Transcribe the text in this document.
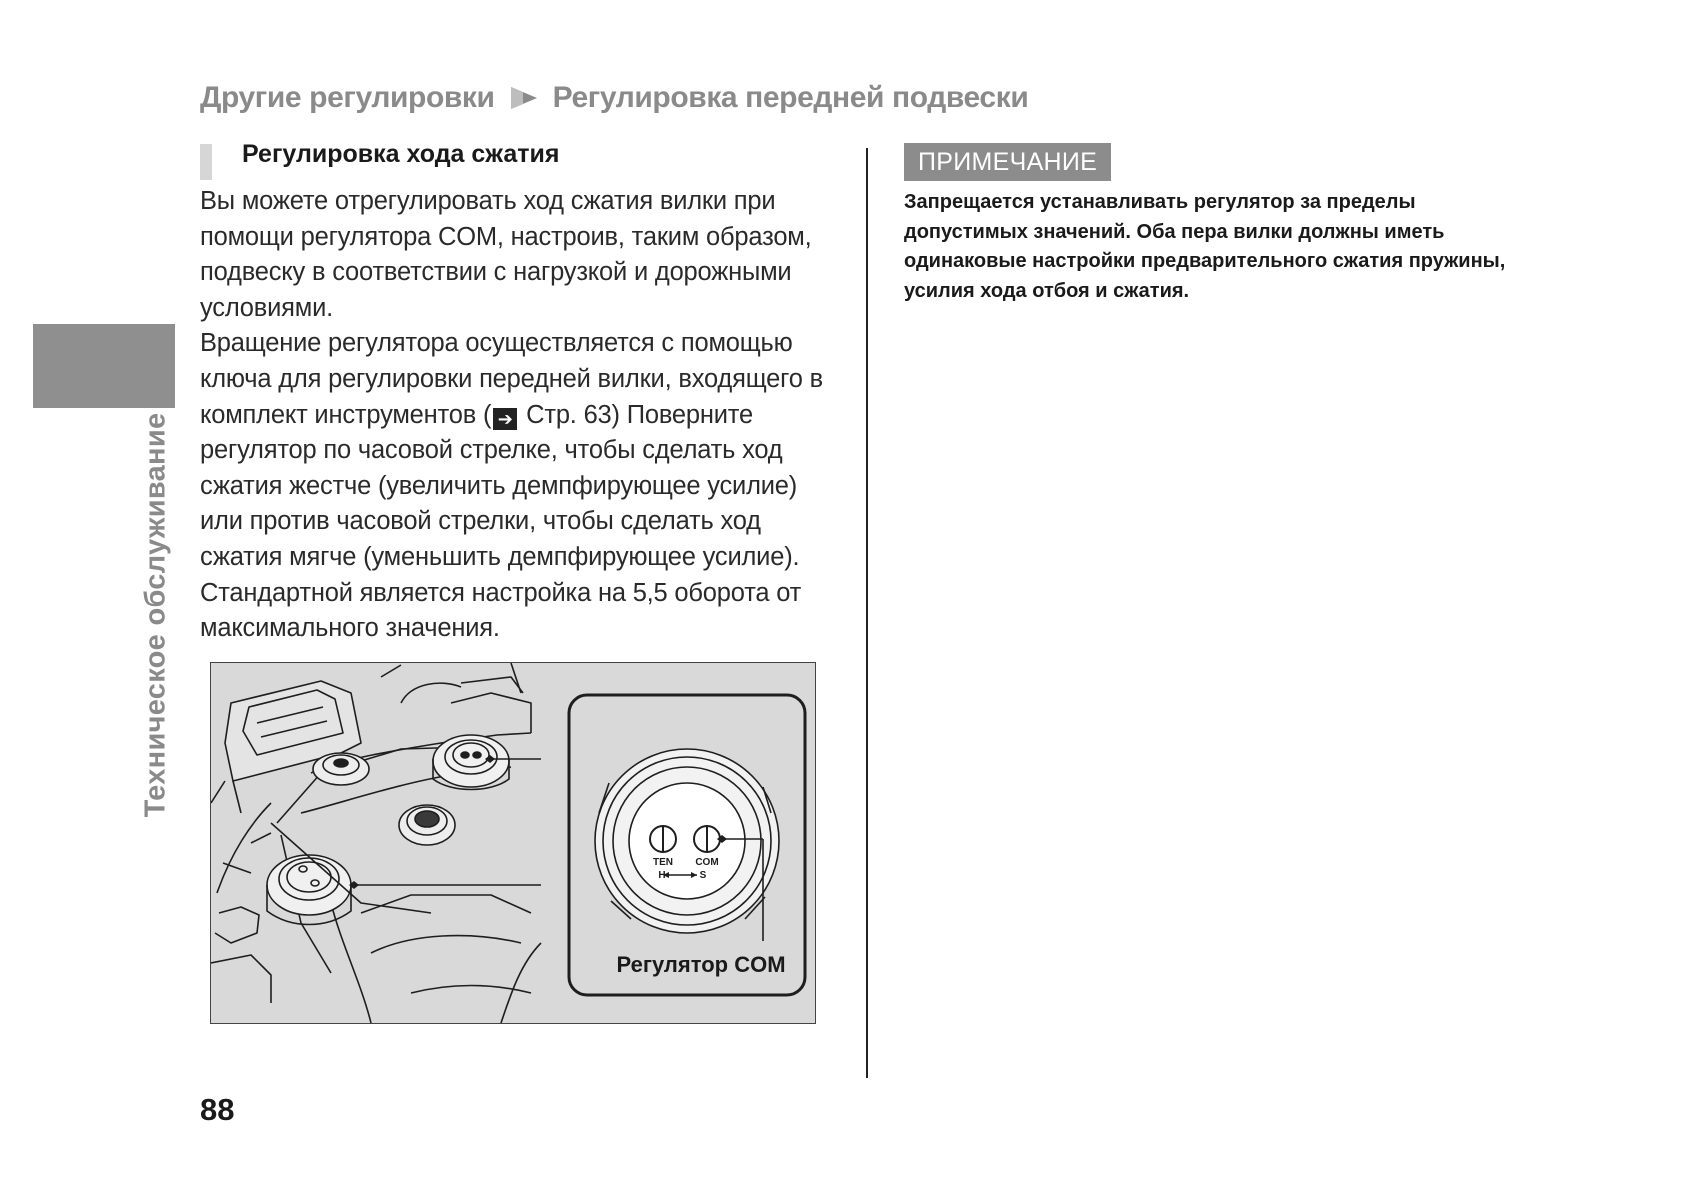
Другие регулировки Регулировка передней подвески
Техническое обслуживание
Регулировка хода сжатия

Вы можете отрегулировать ход сжатия вилки при помощи регулятора COM, настроив, таким образом, подвеску в соответствии с нагрузкой и дорожными условиями.

Вращение регулятора осуществляется с помощью ключа для регулировки передней вилки, входящего в комплект инструментов ( ➔ Стр. 63) Поверните регулятор по часовой стрелке, чтобы сделать ход сжатия жестче (увеличить демпфирующее усилие) или против часовой стрелки, чтобы сделать ход сжатия мягче (уменьшить демпфирующее усилие). Стандартной является настройка на 5,5 оборота от максимального значения.

TEN COM
H	S
Регулятор COM
ПРИМЕЧАНИЕ
Запрещается устанавливать регулятор за пределы допустимых значений. Оба пера вилки должны иметь одинаковые настройки предварительного сжатия пружины, усилия хода отбоя и сжатия.
88
